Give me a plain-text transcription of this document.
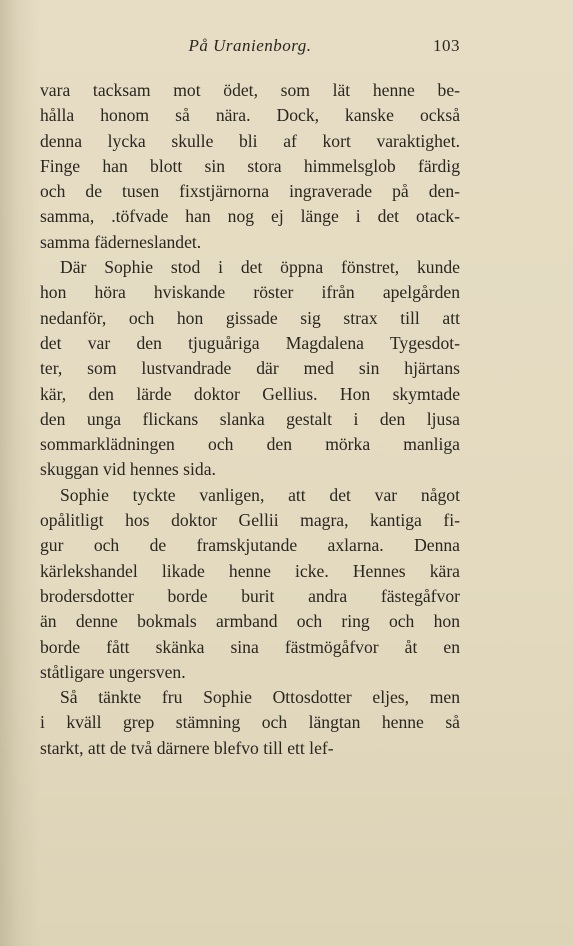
På Uranienborg.	103
vara tacksam mot ödet, som lät henne be-
hålla honom så nära. Dock, kanske också
denna lycka skulle bli af kort varaktighet.
Finge han blott sin stora himmelsglob färdig
och de tusen fixstjärnorna ingraverade på den-
samma, .töfvade han nog ej länge i det otack-
samma fäderneslandet.
Där Sophie stod i det öppna fönstret, kunde
hon höra hviskande röster ifrån apelgården
nedanför, och hon gissade sig strax till att
det var den tjuguåriga Magdalena Tygesdot-
ter, som lustvandrade där med sin hjärtans
kär, den lärde doktor Gellius. Hon skymtade
den unga flickans slanka gestalt i den ljusa
sommarklädningen och den mörka manliga
skuggan vid hennes sida.
Sophie tyckte vanligen, att det var något
opålitligt hos doktor Gellii magra, kantiga fi-
gur och de framskjutande axlarna. Denna
kärlekshandel likade henne icke. Hennes kära
brodersdotter borde burit andra fästegåfvor
än denne bokmals armband och ring och hon
borde fått skänka sina fästmögåfvor åt en
ståtligare ungersven.
Så tänkte fru Sophie Ottosdotter eljes, men
i kväll grep stämning och längtan henne så
starkt, att de två därnere blefvo till ett lef-
